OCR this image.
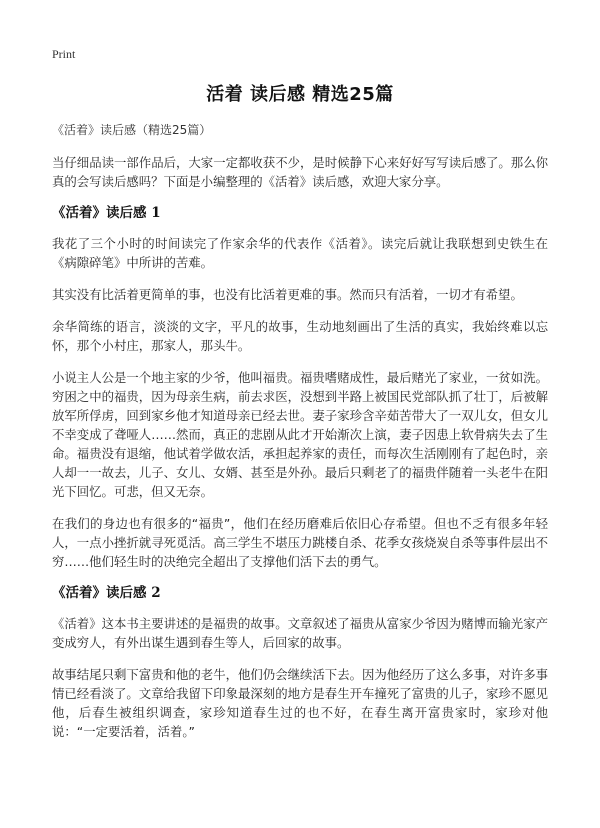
Print
活着 读后感 精选25篇
《活着》读后感（精选25篇）

当仔细品读一部作品后，大家一定都收获不少，是时候静下心来好好写写读后感了。那么你真的会写读后感吗？下面是小编整理的《活着》读后感，欢迎大家分享。

《活着》读后感 1

我花了三个小时的时间读完了作家余华的代表作《活着》。读完后就让我联想到史铁生在《病隙碎笔》中所讲的苦难。

其实没有比活着更简单的事，也没有比活着更难的事。然而只有活着，一切才有希望。

余华简练的语言，淡淡的文字，平凡的故事，生动地刻画出了生活的真实，我始终难以忘怀，那个小村庄，那家人，那头牛。

小说主人公是一个地主家的少爷，他叫福贵。福贵嗜赌成性，最后赌光了家业，一贫如洗。穷困之中的福贵，因为母亲生病，前去求医，没想到半路上被国民党部队抓了壮丁，后被解放军所俘虏，回到家乡他才知道母亲已经去世。妻子家珍含辛茹苦带大了一双儿女，但女儿不幸变成了聋哑人……然而，真正的悲剧从此才开始渐次上演，妻子因患上软骨病失去了生命。福贵没有退缩，他试着学做农活，承担起养家的责任，而每次生活刚刚有了起色时，亲人却一一故去，儿子、女儿、女婿、甚至是外孙。最后只剩老了的福贵伴随着一头老牛在阳光下回忆。可悲，但又无奈。

在我们的身边也有很多的“福贵”，他们在经历磨难后依旧心存希望。但也不乏有很多年轻人，一点小挫折就寻死觅活。高三学生不堪压力跳楼自杀、花季女孩烧炭自杀等事件层出不穷……他们轻生时的决绝完全超出了支撑他们活下去的勇气。

《活着》读后感 2

《活着》这本书主要讲述的是福贵的故事。文章叙述了福贵从富家少爷因为赌博而输光家产变成穷人，有外出谋生遇到春生等人，后回家的故事。

故事结尾只剩下富贵和他的老牛，他们仍会继续活下去。因为他经历了这么多事，对许多事情已经看淡了。文章给我留下印象最深刻的地方是春生开车撞死了富贵的儿子，家珍不愿见他，后春生被组织调查，家珍知道春生过的也不好，在春生离开富贵家时，家珍对他说：“一定要活着，活着。”
